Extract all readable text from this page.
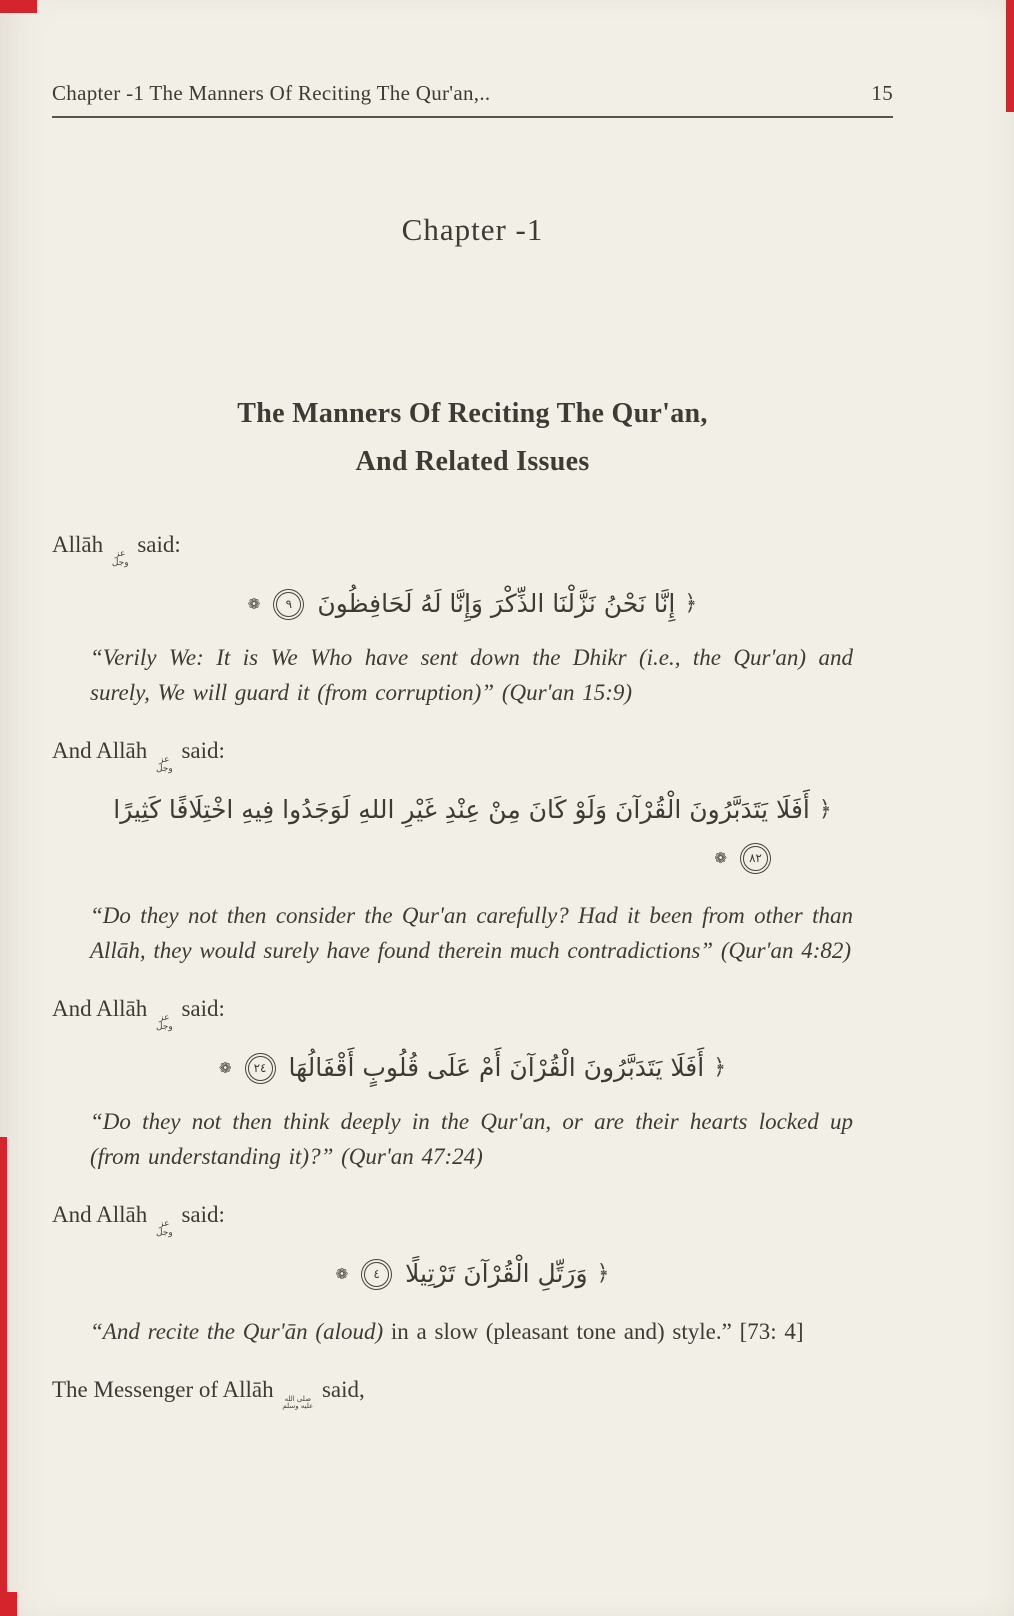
Chapter -1 The Manners Of Reciting The Qur'an,..	15
Chapter -1
The Manners Of Reciting The Qur'an,
And Related Issues

Allāh	عز
وجل
said:

﴿
إِنَّا نَحْنُ نَزَّلْنَا الذِّكْرَ وَإِنَّا لَهُ لَحَافِظُونَ
٩
❁

“Verily We: It is We Who have sent down the Dhikr (i.e., the Qur'an) and surely, We will guard it (from corruption)” (Qur'an 15:9)

And Allāh	عز
وجل
said:

﴿
أَفَلَا يَتَدَبَّرُونَ الْقُرْآنَ وَلَوْ كَانَ مِنْ عِنْدِ غَيْرِ اللهِ لَوَجَدُوا فِيهِ اخْتِلَافًا كَثِيرًا
٨٢
❁

“Do they not then consider the Qur'an carefully? Had it been from other than Allāh, they would surely have found therein much contradictions” (Qur'an 4:82)

And Allāh	عز
وجل
said:

﴿
أَفَلَا يَتَدَبَّرُونَ الْقُرْآنَ أَمْ عَلَى قُلُوبٍ أَقْفَالُهَا
٢٤
❁

“Do they not then think deeply in the Qur'an, or are their hearts locked up (from understanding it)?” (Qur'an 47:24)

And Allāh	عز
وجل
said:

﴿
وَرَتِّلِ الْقُرْآنَ تَرْتِيلًا
٤
❁

“And recite the Qur'ān (aloud) in a slow (pleasant tone and) style.” [73: 4]

The Messenger of Allāh	صلى الله
عليه وسلم
said,
